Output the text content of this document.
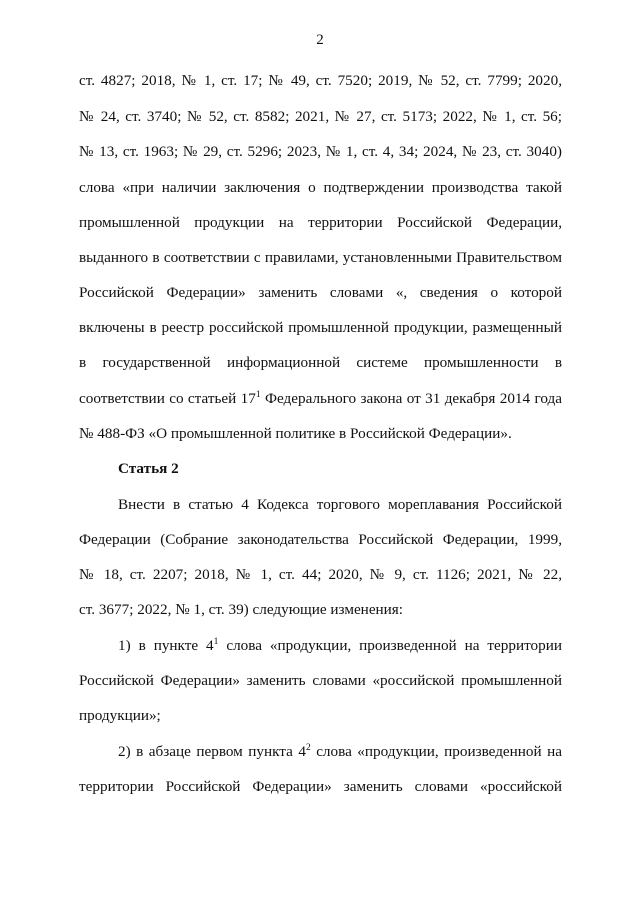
2
ст. 4827; 2018, № 1, ст. 17; № 49, ст. 7520; 2019, № 52, ст. 7799; 2020,
№ 24, ст. 3740; № 52, ст. 8582; 2021, № 27, ст. 5173; 2022, № 1, ст. 56;
№ 13, ст. 1963; № 29, ст. 5296; 2023, № 1, ст. 4, 34; 2024, № 23, ст. 3040)
слова «при наличии заключения о подтверждении производства такой
промышленной продукции на территории Российской Федерации,
выданного в соответствии с правилами, установленными Правительством
Российской Федерации» заменить словами «, сведения о которой
включены в реестр российской промышленной продукции, размещенный
в государственной информационной системе промышленности в
соответствии со статьей $17^1$ Федерального закона от 31 декабря 2014 года
№ 488-ФЗ «О промышленной политике в Российской Федерации».
Статья 2
Внести в статью 4 Кодекса торгового мореплавания Российской
Федерации (Собрание законодательства Российской Федерации, 1999,
№ 18, ст. 2207; 2018, № 1, ст. 44; 2020, № 9, ст. 1126; 2021, № 22,
ст. 3677; 2022, № 1, ст. 39) следующие изменения:
1) в пункте $4^1$ слова «продукции, произведенной на территории
Российской Федерации» заменить словами «российской промышленной
продукции»;
2) в абзаце первом пункта $4^2$ слова «продукции, произведенной на
территории Российской Федерации» заменить словами «российской
